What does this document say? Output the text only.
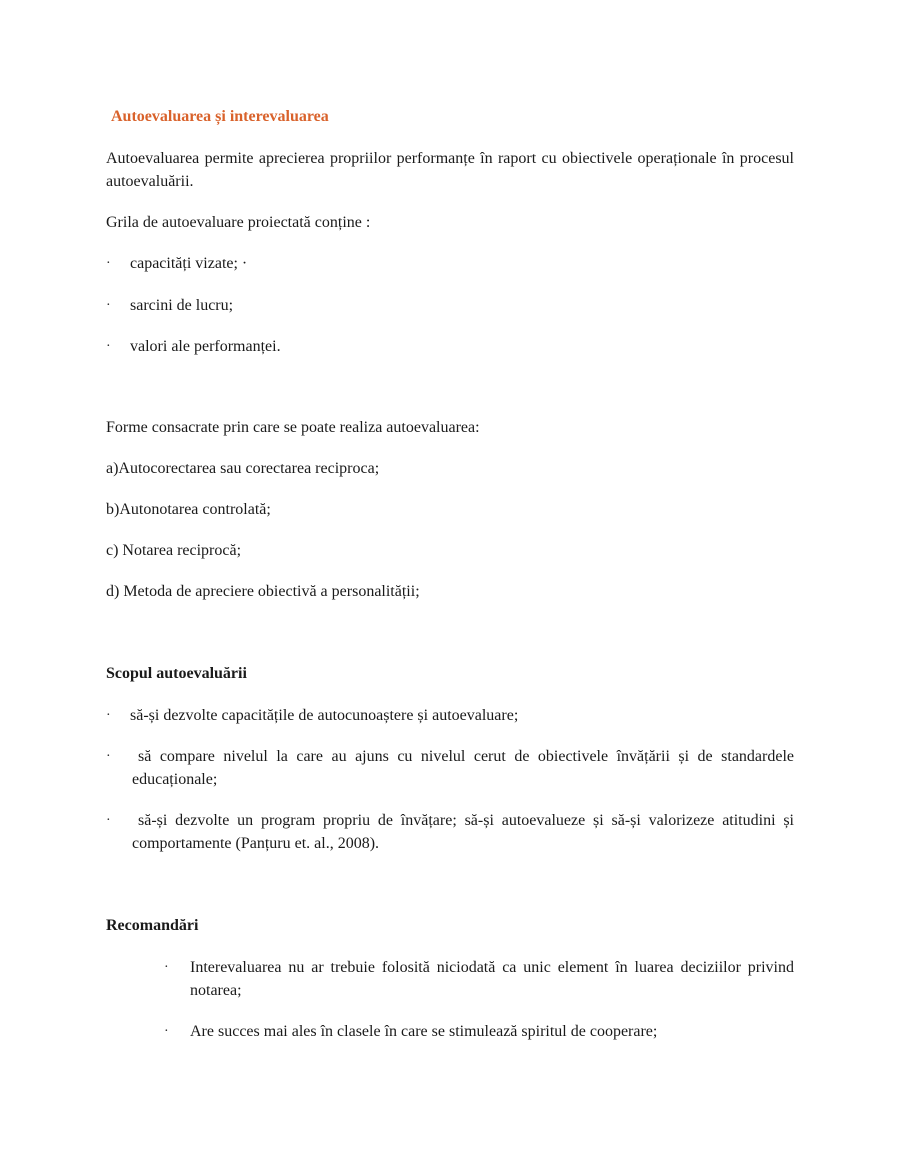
Autoevaluarea și interevaluarea

Autoevaluarea permite aprecierea propriilor performanțe în raport cu obiectivele operaționale în procesul autoevaluării.

Grila de autoevaluare proiectată conține :

· capacități vizate; ·

· sarcini de lucru;

· valori ale performanței.

Forme consacrate prin care se poate realiza autoevaluarea:

a)Autocorectarea sau corectarea reciproca;

b)Autonotarea controlată;

c) Notarea reciprocă;

d) Metoda de apreciere obiectivă a personalității;

Scopul autoevaluării

· să-și dezvolte capacitățile de autocunoaștere și autoevaluare;

·	să compare nivelul la care au ajuns cu nivelul cerut de obiectivele învățării și de standardele educaționale;

·	să-și dezvolte un program propriu de învățare; să-și autoevalueze și să-și valorizeze atitudini și comportamente (Panțuru et. al., 2008).

Recomandări

· Interevaluarea nu ar trebuie folosită niciodată ca unic element în luarea deciziilor privind notarea;

· Are succes mai ales în clasele în care se stimulează spiritul de cooperare;
